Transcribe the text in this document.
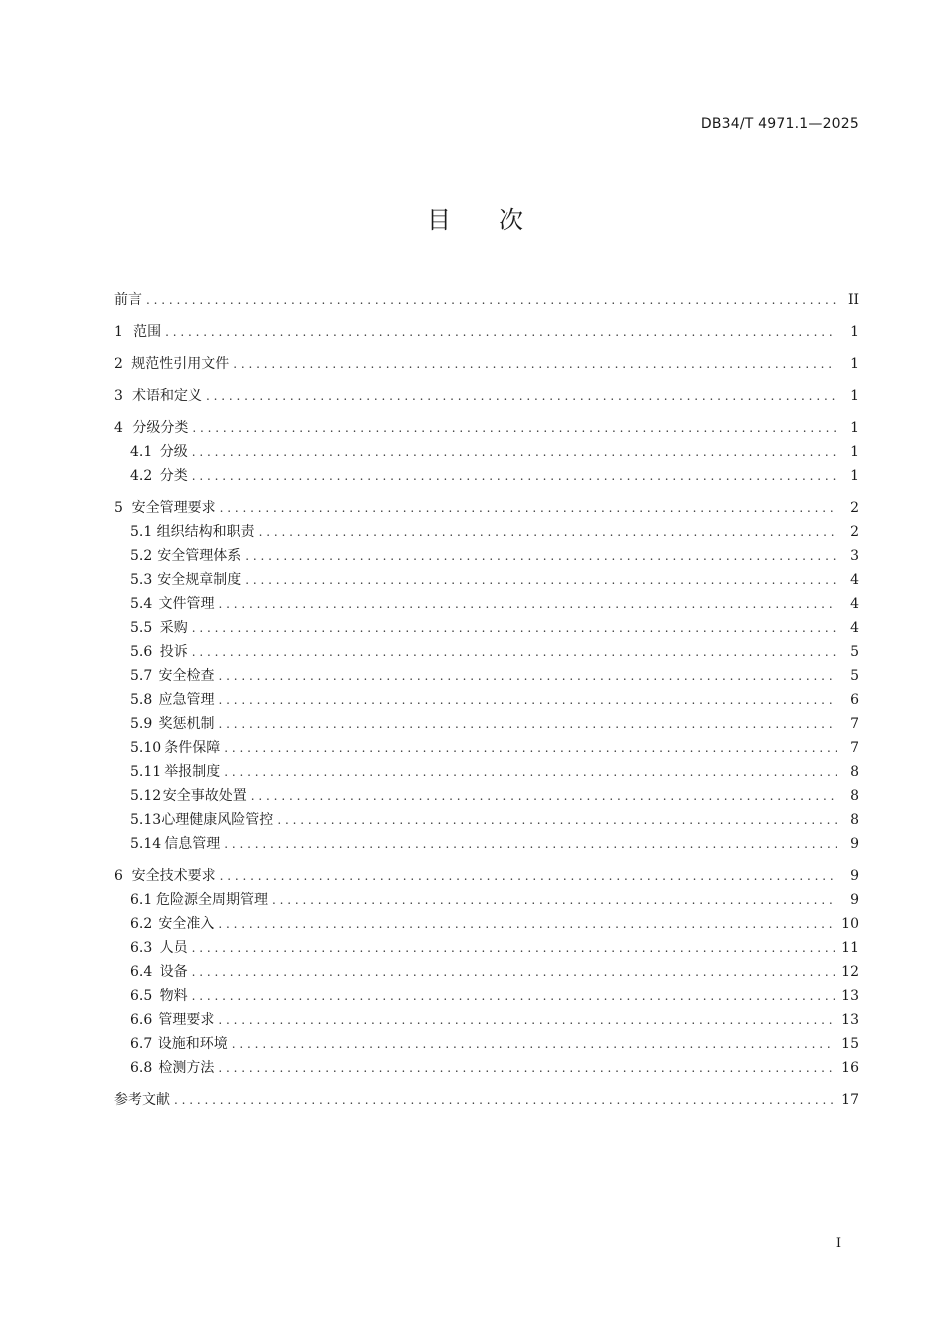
DB34/T 4971.1—2025
目 次
前言 . . .	II
1 范围 . . .	1
2 规范性引用文件 . . .	1
3 术语和定义 . . .	1
4 分级分类 . . .	1
4.1 分级 . . .	1
4.2 分类 . . .	1
5 安全管理要求 . . .	2
5.1 组织结构和职责 . . .	2
5.2 安全管理体系 . . .	3
5.3 安全规章制度 . . .	4
5.4 文件管理 . . .	4
5.5 采购 . . .	4
5.6 投诉 . . .	5
5.7 安全检查 . . .	5
5.8 应急管理 . . .	6
5.9 奖惩机制 . . .	7
5.10 条件保障 . . .	7
5.11 举报制度 . . .	8
5.12 安全事故处置 . . .	8
5.13 心理健康风险管控 . . .	8
5.14 信息管理 . . .	9
6 安全技术要求 . . .	9
6.1 危险源全周期管理 . . .	9
6.2 安全准入 . . .	10
6.3 人员 . . .	11
6.4 设备 . . .	12
6.5 物料 . . .	13
6.6 管理要求 . . .	13
6.7 设施和环境 . . .	15
6.8 检测方法 . . .	16
参考文献 . . .	17
I
